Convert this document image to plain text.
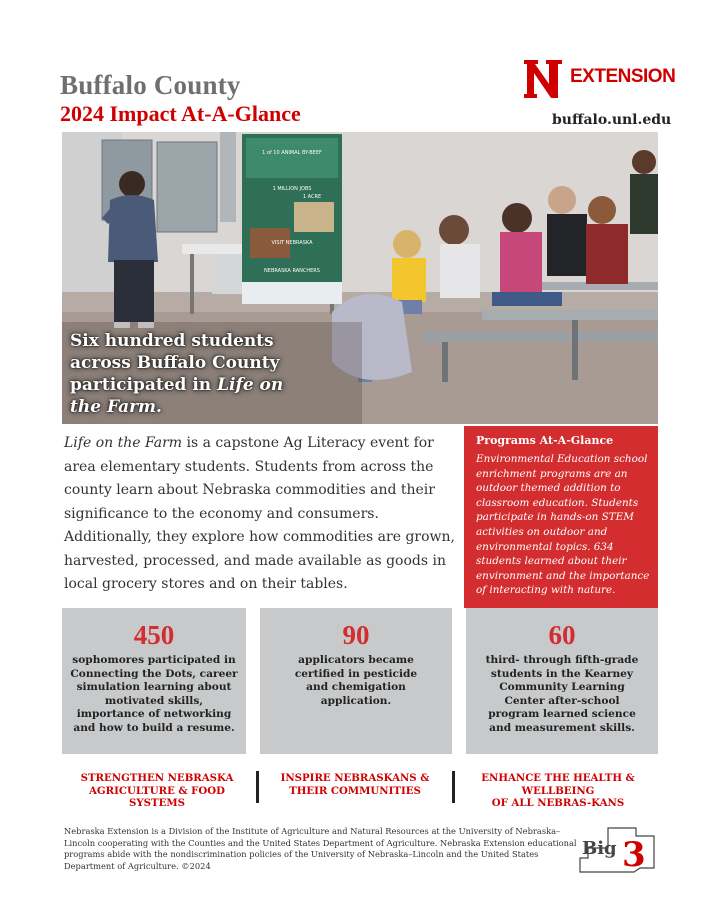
Buffalo County
2024 Impact At-A-Glance
EXTENSION
buffalo.unl.edu
1 of 10 ANIMAL BY-BEEF
1 MILLION JOBS
1 ACRE
VISIT NEBRASKA
NEBRASKA RANCHERS
Six hundred students across Buffalo County participated in Life on the Farm.
Life on the Farm is a capstone Ag Literacy event for area elementary students. Students from across the county learn about Nebraska commodities and their significance to the economy and consumers. Additionally, they explore how commodities are grown, harvested, processed, and made available as goods in local grocery stores and on their tables.
Programs At-A-Glance
Environmental Education school enrichment programs are an outdoor themed addition to classroom education. Students participate in hands-on STEM activities on outdoor and environmental topics. 634 students learned about their environment and the importance of interacting with nature.
450
sophomores participated in Connecting the Dots, career simulation learning about motivated skills, importance of networking and how to build a resume.
90
applicators became certified in pesticide and chemigation application.
60
third- through fifth-grade students in the Kearney Community Learning Center after-school program learned science and measurement skills.
STRENGTHEN NEBRASKA
AGRICULTURE & FOOD SYSTEMS
INSPIRE NEBRASKANS &
THEIR COMMUNITIES
ENHANCE THE HEALTH & WELLBEING
OF ALL NEBRAS-KANS
Nebraska Extension is a Division of the Institute of Agriculture and Natural Resources at the University of Nebraska–Lincoln cooperating with the Counties and the United States Department of Agriculture. Nebraska Extension educational programs abide with the nondiscrimination policies of the University of Nebraska–Lincoln and the United States Department of Agriculture. ©2024
Big 3
